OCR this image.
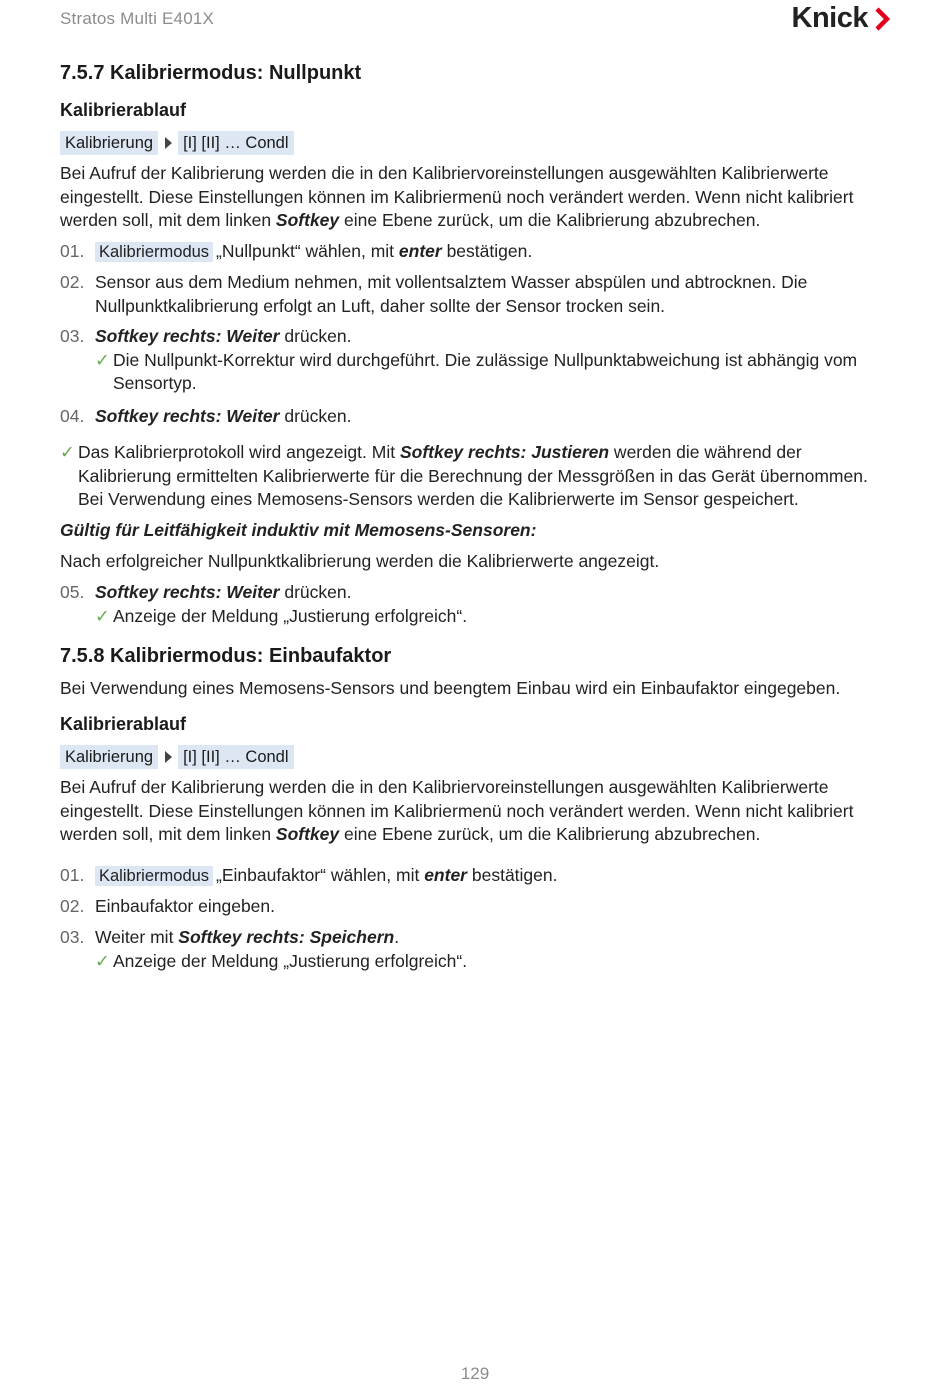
Stratos Multi E401X	Knick
7.5.7 Kalibriermodus: Nullpunkt
Kalibrierablauf
Kalibrierung	[I] [II] … Condl

Bei Aufruf der Kalibrierung werden die in den Kalibriervoreinstellungen ausgewählten Kalibrierwerte eingestellt. Diese Einstellungen können im Kalibriermenü noch verändert werden. Wenn nicht kalibriert werden soll, mit dem linken Softkey eine Ebene zurück, um die Kalibrierung abzubrechen.

01. Kalibriermodus „Nullpunkt“ wählen, mit enter bestätigen.
02. Sensor aus dem Medium nehmen, mit vollentsalztem Wasser abspülen und abtrocknen. Die Nullpunktkalibrierung erfolgt an Luft, daher sollte der Sensor trocken sein.
03. Softkey rechts: Weiter drücken.
✓ Die Nullpunkt-Korrektur wird durchgeführt. Die zulässige Nullpunktabweichung ist abhängig vom Sensortyp.
04. Softkey rechts: Weiter drücken.
✓ Das Kalibrierprotokoll wird angezeigt. Mit Softkey rechts: Justieren werden die während der Kalibrierung ermittelten Kalibrierwerte für die Berechnung der Messgrößen in das Gerät übernommen. Bei Verwendung eines Memosens-Sensors werden die Kalibrierwerte im Sensor gespeichert.

Gültig für Leitfähigkeit induktiv mit Memosens-Sensoren:

Nach erfolgreicher Nullpunktkalibrierung werden die Kalibrierwerte angezeigt.

05. Softkey rechts: Weiter drücken.
✓ Anzeige der Meldung „Justierung erfolgreich“.
7.5.8 Kalibriermodus: Einbaufaktor

Bei Verwendung eines Memosens-Sensors und beengtem Einbau wird ein Einbaufaktor eingegeben.

Kalibrierablauf
Kalibrierung	[I] [II] … Condl

Bei Aufruf der Kalibrierung werden die in den Kalibriervoreinstellungen ausgewählten Kalibrierwerte eingestellt. Diese Einstellungen können im Kalibriermenü noch verändert werden. Wenn nicht kalibriert werden soll, mit dem linken Softkey eine Ebene zurück, um die Kalibrierung abzubrechen.

01. Kalibriermodus „Einbaufaktor“ wählen, mit enter bestätigen.
02. Einbaufaktor eingeben.
03. Weiter mit Softkey rechts: Speichern.
✓ Anzeige der Meldung „Justierung erfolgreich“.
129
